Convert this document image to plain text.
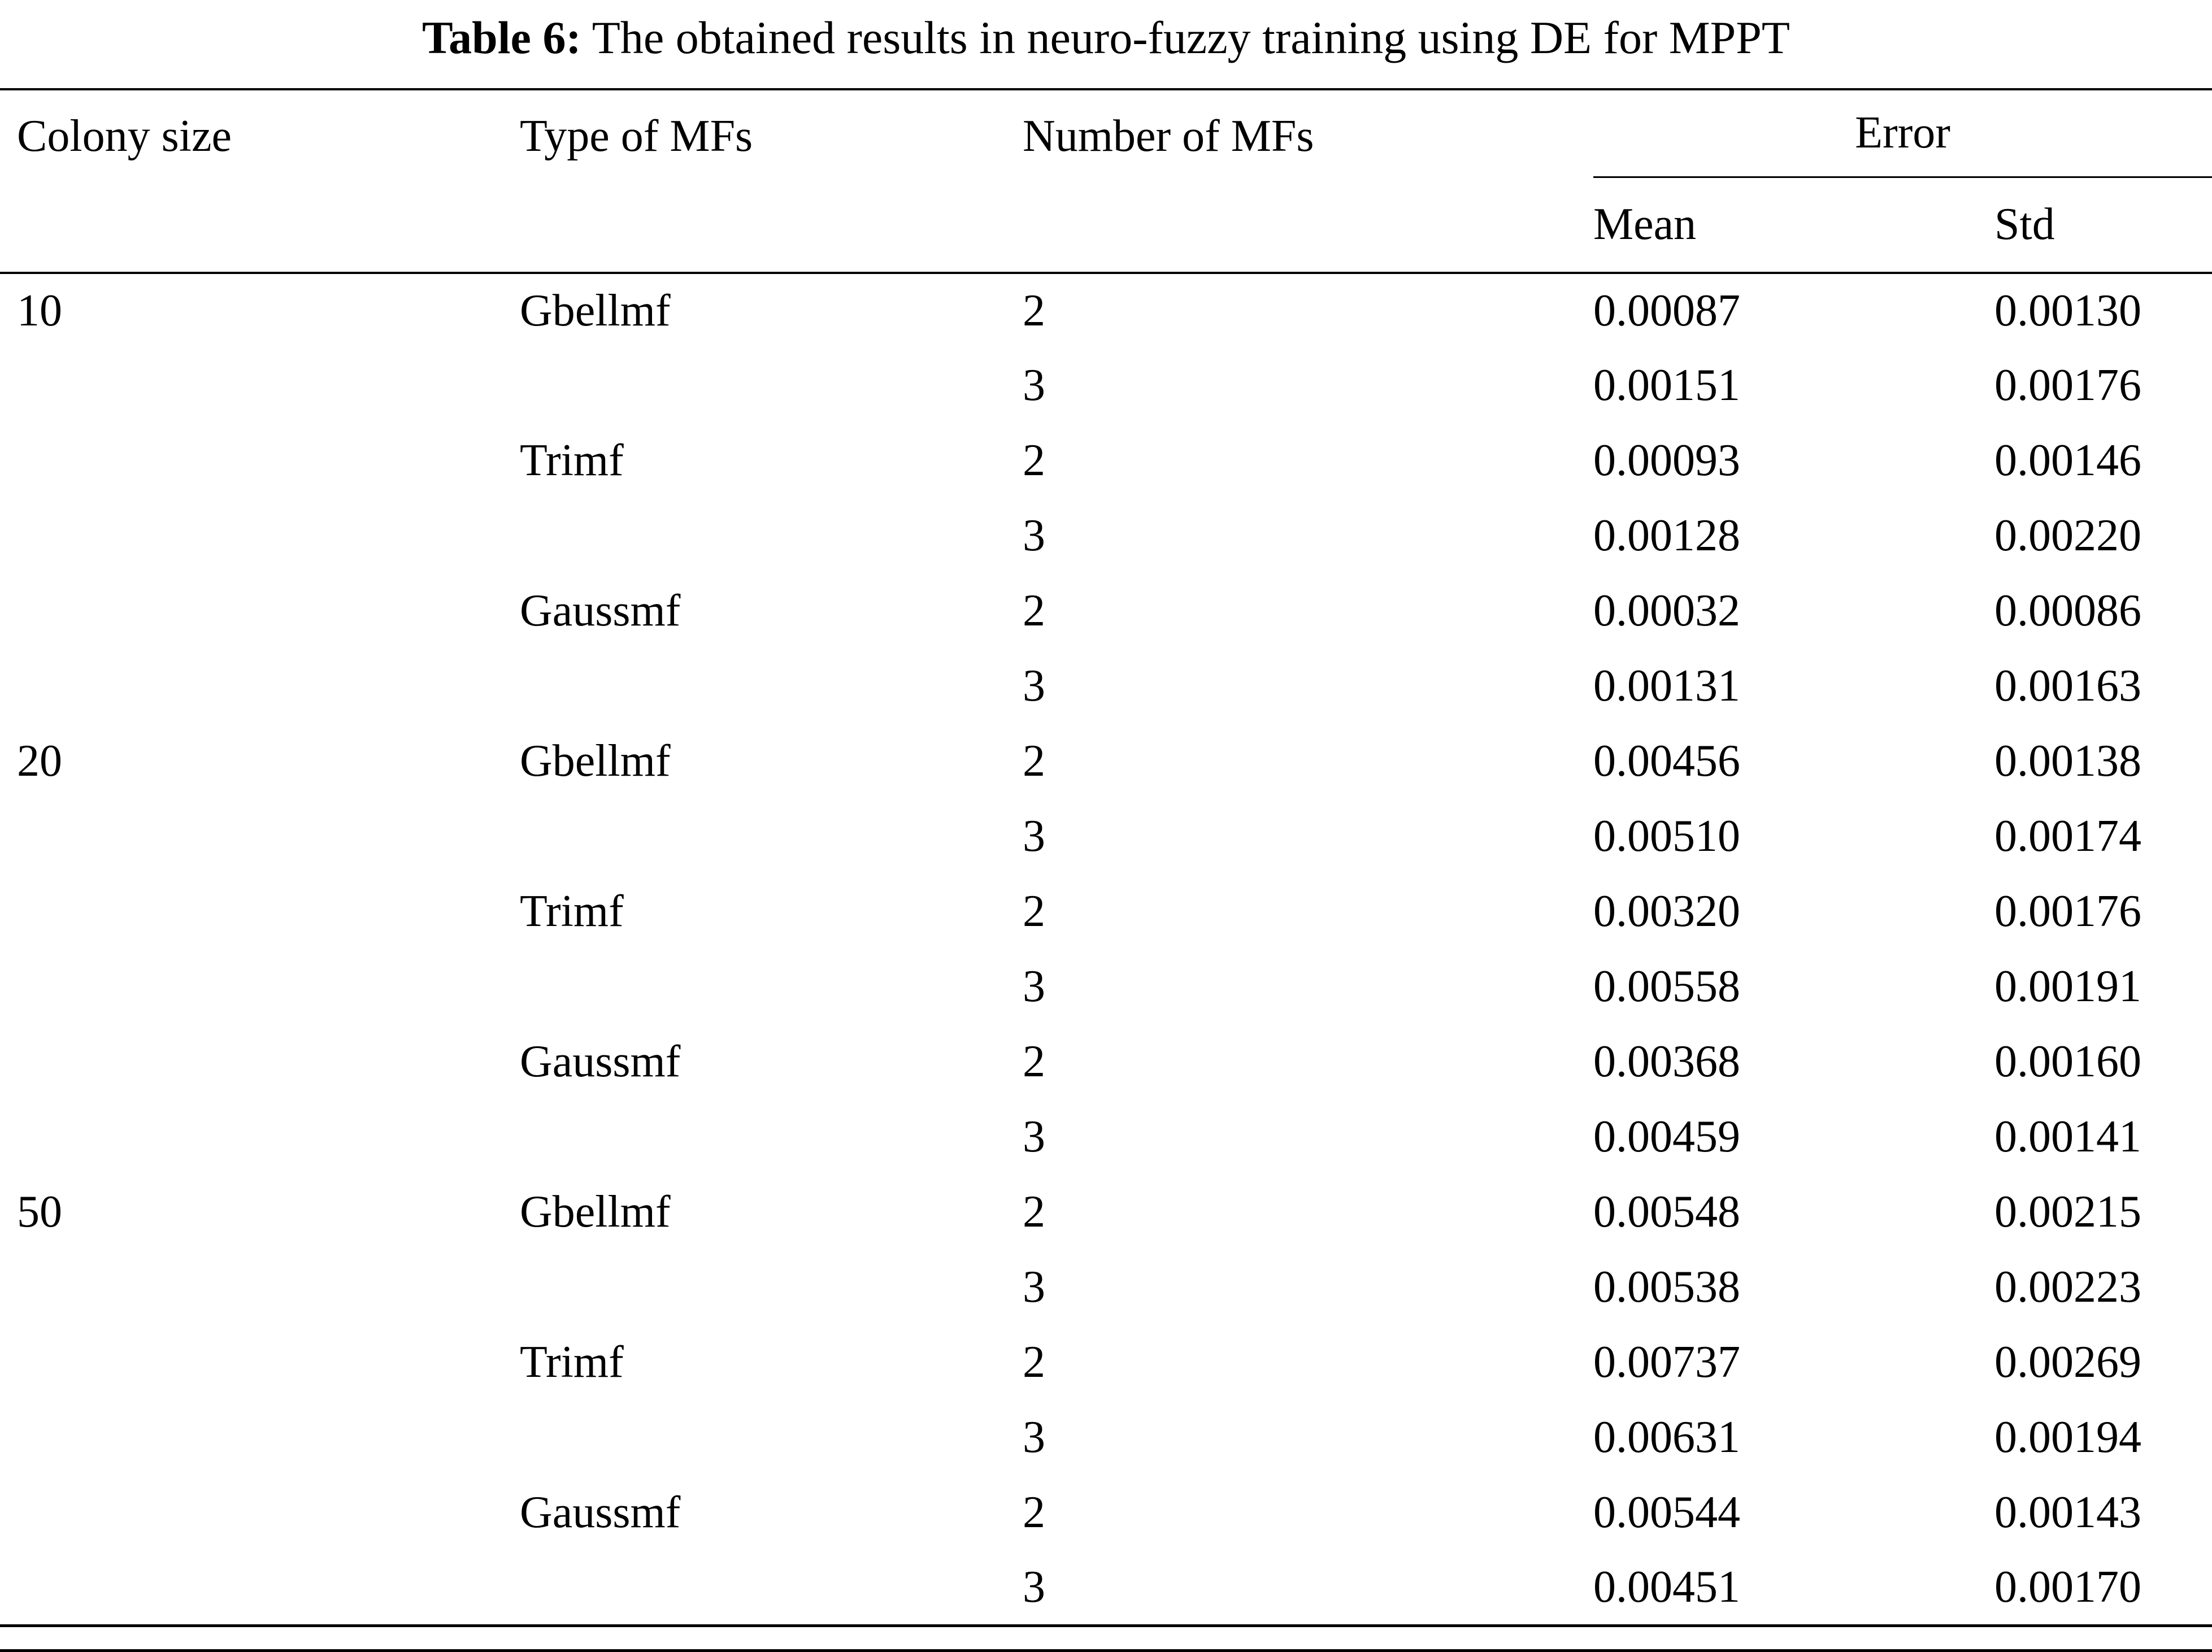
Table 6: The obtained results in neuro-fuzzy training using DE for MPPT
Colony size	Type of MFs	Number of MFs	Error	
			Mean	Std
10	Gbellmf	2	0.00087	0.00130
		3	0.00151	0.00176
	Trimf	2	0.00093	0.00146
		3	0.00128	0.00220
	Gaussmf	2	0.00032	0.00086
		3	0.00131	0.00163
20	Gbellmf	2	0.00456	0.00138
		3	0.00510	0.00174
	Trimf	2	0.00320	0.00176
		3	0.00558	0.00191
	Gaussmf	2	0.00368	0.00160
		3	0.00459	0.00141
50	Gbellmf	2	0.00548	0.00215
		3	0.00538	0.00223
	Trimf	2	0.00737	0.00269
		3	0.00631	0.00194
	Gaussmf	2	0.00544	0.00143
		3	0.00451	0.00170
